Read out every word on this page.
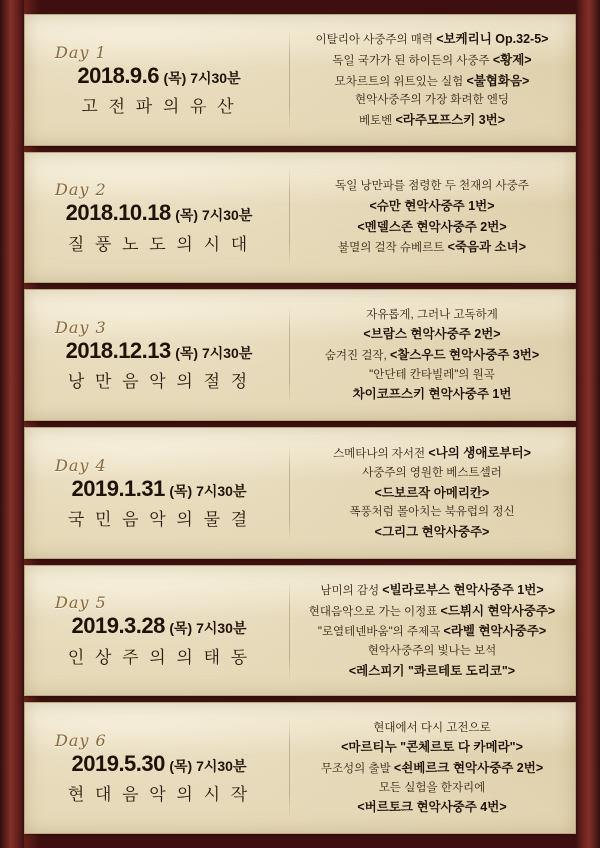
Day 1
2018.9.6 (목) 7시30분
고 전 파 의 유 산
이탈리아 사중주의 매력 <보케리니 Op.32-5>
독일 국가가 된 하이든의 사중주 <황제>
모차르트의 위트있는 실험 <불협화음>
현악사중주의 가장 화려한 엔딩
베토벤 <라주모프스키 3번>
Day 2
2018.10.18 (목) 7시30분
질 풍 노 도 의 시 대
독일 낭만파를 점령한 두 천재의 사중주
<슈만 현악사중주 1번>
<멘델스존 현악사중주 2번>
불멸의 걸작 슈베르트 <죽음과 소녀>
Day 3
2018.12.13 (목) 7시30분
낭 만 음 악 의 절 정
자유롭게, 그러나 고독하게
<브람스 현악사중주 2번>
숨겨진 걸작, <찰스우드 현악사중주 3번>
"안단테 칸타빌레"의 원곡
차이코프스키 현악사중주 1번
Day 4
2019.1.31 (목) 7시30분
국 민 음 악 의 물 결
스메타나의 자서전 <나의 생애로부터>
사중주의 영원한 베스트셀러
<드보르작 아메리칸>
폭풍처럼 몰아치는 북유럽의 정신
<그리그 현악사중주>
Day 5
2019.3.28 (목) 7시30분
인 상 주 의 의 태 동
남미의 감성 <빌라로부스 현악사중주 1번>
현대음악으로 가는 이정표 <드뷔시 현악사중주>
"로열테넨바움"의 주제곡 <라벨 현악사중주>
현악사중주의 빛나는 보석
<레스피기 "콰르테토 도리코">
Day 6
2019.5.30 (목) 7시30분
현 대 음 악 의 시 작
현대에서 다시 고전으로
<마르티누 "콘체르토 다 카메라">
무조성의 출발 <쇤베르크 현악사중주 2번>
모든 실험을 한자리에
<버르토크 현악사중주 4번>
